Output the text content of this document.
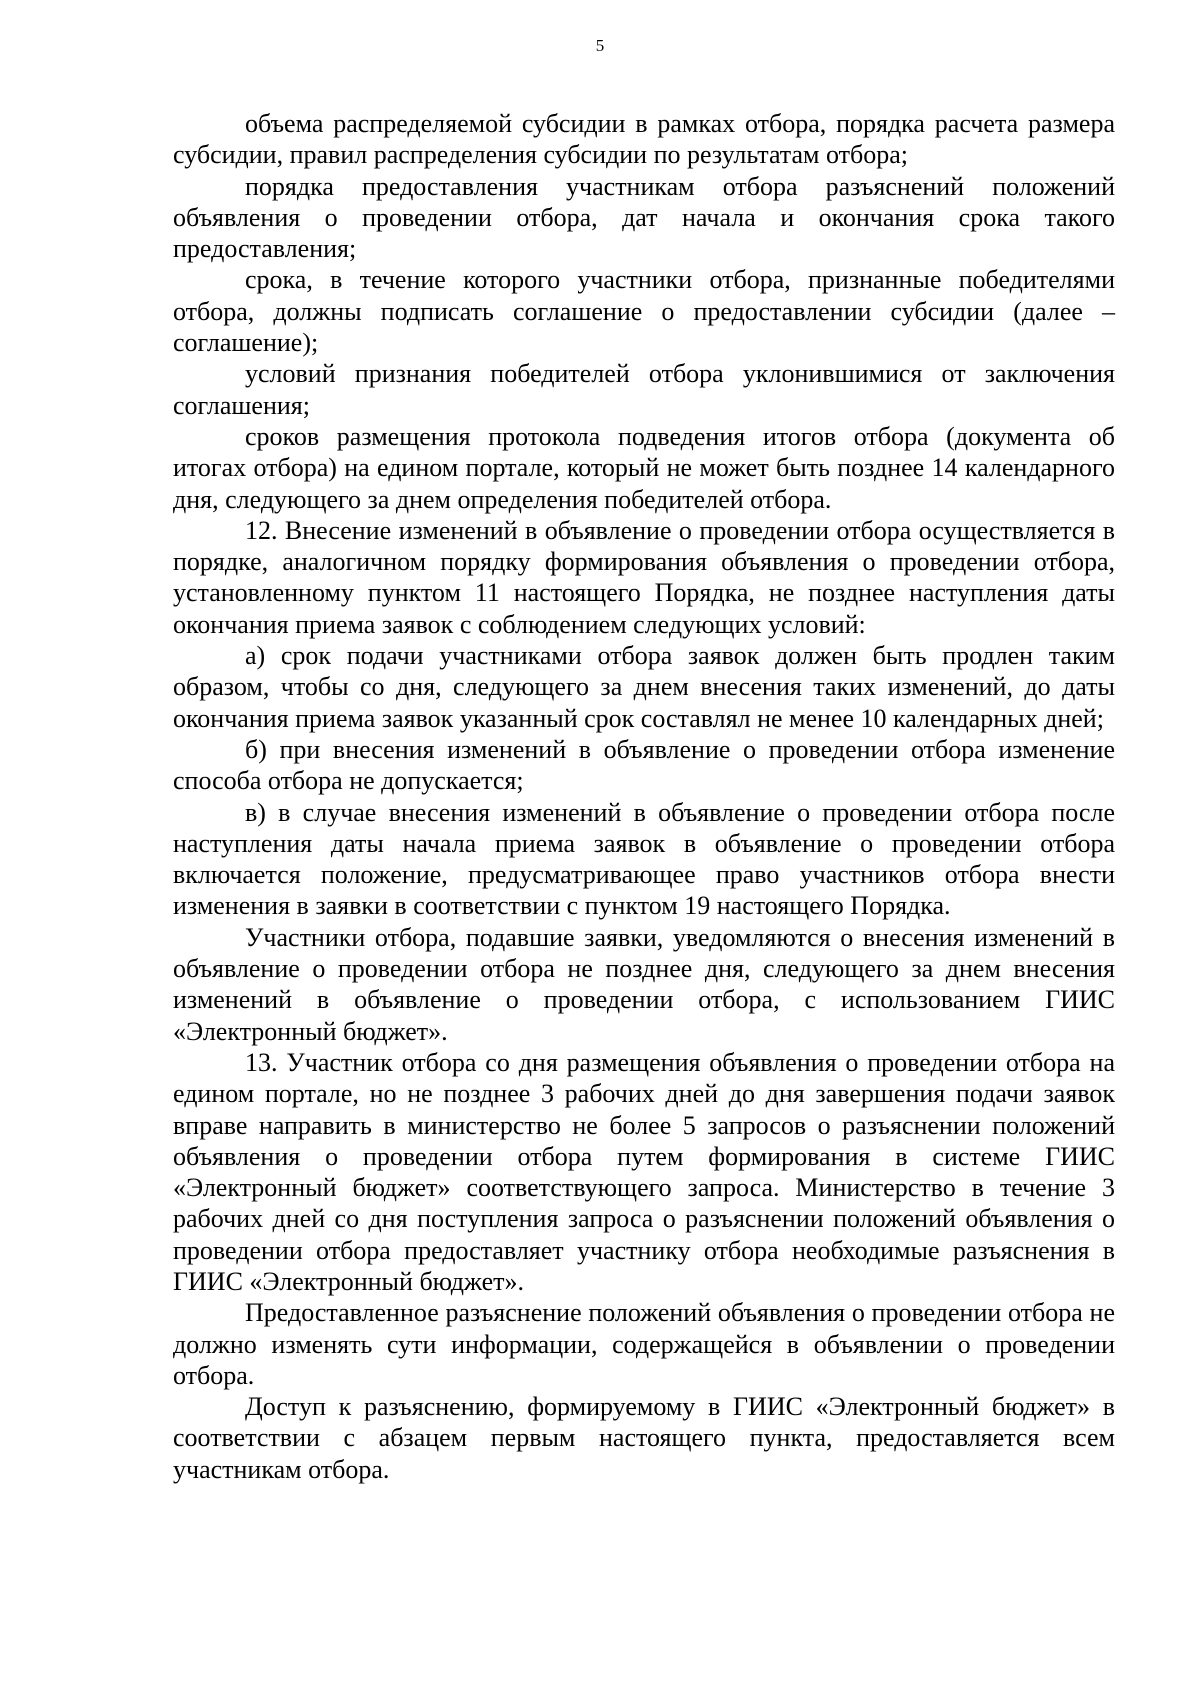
5

объема распределяемой субсидии в рамках отбора, порядка расчета размера субсидии, правил распределения субсидии по результатам отбора;

порядка предоставления участникам отбора разъяснений положений объявления о проведении отбора, дат начала и окончания срока такого предоставления;

срока, в течение которого участники отбора, признанные победителями отбора, должны подписать соглашение о предоставлении субсидии (далее – соглашение);

условий признания победителей отбора уклонившимися от заключения соглашения;

сроков размещения протокола подведения итогов отбора (документа об итогах отбора) на едином портале, который не может быть позднее 14 календарного дня, следующего за днем определения победителей отбора.

12. Внесение изменений в объявление о проведении отбора осуществляется в порядке, аналогичном порядку формирования объявления о проведении отбора, установленному пунктом 11 настоящего Порядка, не позднее наступления даты окончания приема заявок с соблюдением следующих условий:

а) срок подачи участниками отбора заявок должен быть продлен таким образом, чтобы со дня, следующего за днем внесения таких изменений, до даты окончания приема заявок указанный срок составлял не менее 10 календарных дней;

б) при внесения изменений в объявление о проведении отбора изменение способа отбора не допускается;

в) в случае внесения изменений в объявление о проведении отбора после наступления даты начала приема заявок в объявление о проведении отбора включается положение, предусматривающее право участников отбора внести изменения в заявки в соответствии с пунктом 19 настоящего Порядка.

Участники отбора, подавшие заявки, уведомляются о внесения изменений в объявление о проведении отбора не позднее дня, следующего за днем внесения изменений в объявление о проведении отбора, с использованием ГИИС «Электронный бюджет».

13. Участник отбора со дня размещения объявления о проведении отбора на едином портале, но не позднее 3 рабочих дней до дня завершения подачи заявок вправе направить в министерство не более 5 запросов о разъяснении положений объявления о проведении отбора путем формирования в системе ГИИС «Электронный бюджет» соответствующего запроса. Министерство в течение 3 рабочих дней со дня поступления запроса о разъяснении положений объявления о проведении отбора предоставляет участнику отбора необходимые разъяснения в ГИИС «Электронный бюджет».

Предоставленное разъяснение положений объявления о проведении отбора не должно изменять сути информации, содержащейся в объявлении о проведении отбора.

Доступ к разъяснению, формируемому в ГИИС «Электронный бюджет» в соответствии с абзацем первым настоящего пункта, предоставляется всем участникам отбора.
